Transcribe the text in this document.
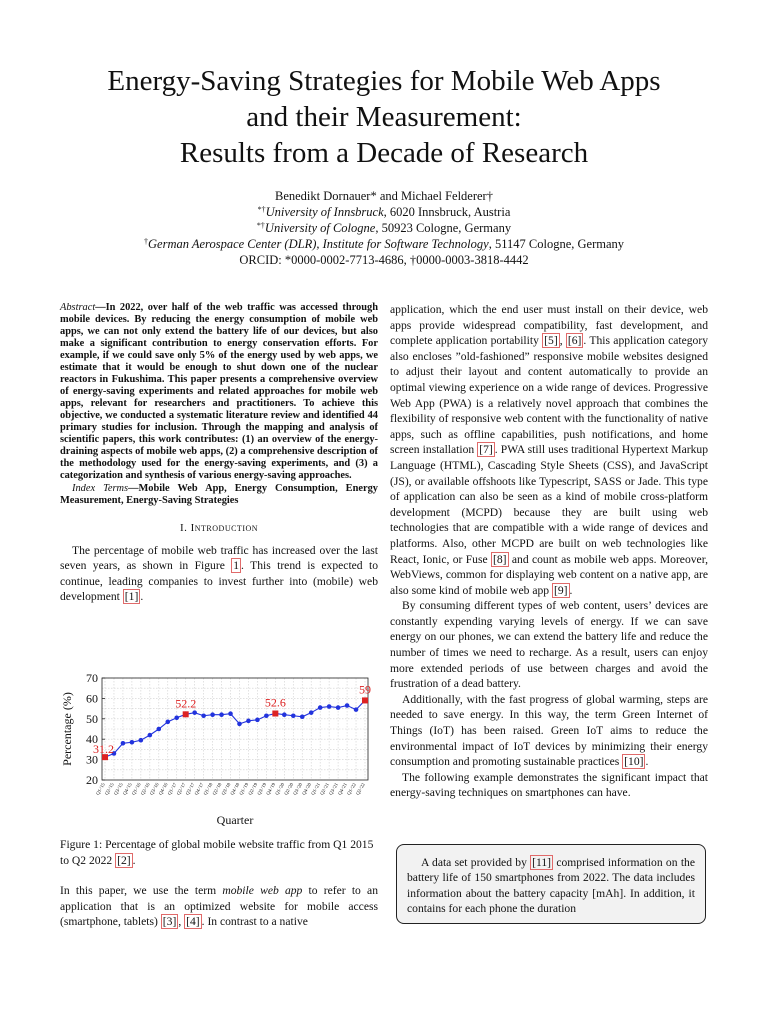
Energy-Saving Strategies for Mobile Web Apps
and their Measurement:
Results from a Decade of Research
Benedikt Dornauer* and Michael Felderer†
*†University of Innsbruck, 6020 Innsbruck, Austria
*†University of Cologne, 50923 Cologne, Germany
†German Aerospace Center (DLR), Institute for Software Technology, 51147 Cologne, Germany
ORCID: *0000-0002-7713-4686, †0000-0003-3818-4442

Abstract—In 2022, over half of the web traffic was accessed through mobile devices. By reducing the energy consumption of mobile web apps, we can not only extend the battery life of our devices, but also make a significant contribution to energy conservation efforts. For example, if we could save only 5% of the energy used by web apps, we estimate that it would be enough to shut down one of the nuclear reactors in Fukushima. This paper presents a comprehensive overview of energy-saving experiments and related approaches for mobile web apps, relevant for researchers and practitioners. To achieve this objective, we conducted a systematic literature review and identified 44 primary studies for inclusion. Through the mapping and analysis of scientific papers, this work contributes: (1) an overview of the energy-draining aspects of mobile web apps, (2) a comprehensive description of the methodology used for the energy-saving experiments, and (3) a categorization and synthesis of various energy-saving approaches.

Index Terms—Mobile Web App, Energy Consumption, Energy Measurement, Energy-Saving Strategies

I. Introduction

The percentage of mobile web traffic has increased over the last seven years, as shown in Figure 1 . This trend is expected to continue, leading companies to invest further into (mobile) web development [1] .

20
30
40
50
60
70
Q1-'15
Q2-'15
Q3-'15
Q4-'15
Q1-'16
Q2-'16
Q3-'16
Q4-'16
Q1-'17
Q2-'17
Q3-'17
Q4-'17
Q1-'18
Q2-'18
Q3-'18
Q4-'18
Q1-'19
Q2-'19
Q3-'19
Q4-'19
Q1-'20
Q2-'20
Q3-'20
Q4-'20
Q1-'21
Q2-'21
Q3-'21
Q4-'21
Q1-'22
Q2-'22
Percentage (%)
Quarter
31.2
52.2	52.6
59
Figure 1: Percentage of global mobile website traffic from Q1 2015 to Q2 2022 [2] .
In this paper, we use the term mobile web app to refer to an application that is an optimized website for mobile access (smartphone, tablets) [3] , [4] . In contrast to a native

application, which the end user must install on their device, web apps provide widespread compatibility, fast development, and complete application portability [5] , [6] . This application category also encloses ”old-fashioned” responsive mobile websites designed to adjust their layout and content automatically to provide an optimal viewing experience on a wide range of devices. Progressive Web App (PWA) is a relatively novel approach that combines the flexibility of responsive web content with the functionality of native apps, such as offline capabilities, push notifications, and home screen installation [7] . PWA still uses traditional Hypertext Markup Language (HTML), Cascading Style Sheets (CSS), and JavaScript (JS), or available offshoots like Typescript, SASS or Jade. This type of application can also be seen as a kind of mobile cross-platform development (MCPD) because they are built using web technologies that are compatible with a wide range of devices and platforms. Also, other MCPD are built on web technologies like React, Ionic, or Fuse [8] and count as mobile web apps. Moreover, WebViews, common for displaying web content on a native app, are also some kind of mobile web app [9] .

By consuming different types of web content, users’ devices are constantly expending varying levels of energy. If we can save energy on our phones, we can extend the battery life and reduce the number of times we need to recharge. As a result, users can enjoy more extended periods of use between charges and avoid the frustration of a dead battery.

Additionally, with the fast progress of global warming, steps are needed to save energy. In this way, the term Green Internet of Things (IoT) has been raised. Green IoT aims to reduce the environmental impact of IoT devices by minimizing their energy consumption and promoting sustainable practices [10] .

The following example demonstrates the significant impact that energy-saving techniques on smartphones can have.

A data set provided by [11] comprised information on the battery life of 150 smartphones from 2022. The data includes information about the battery capacity [mAh]. In addition, it contains for each phone the duration
